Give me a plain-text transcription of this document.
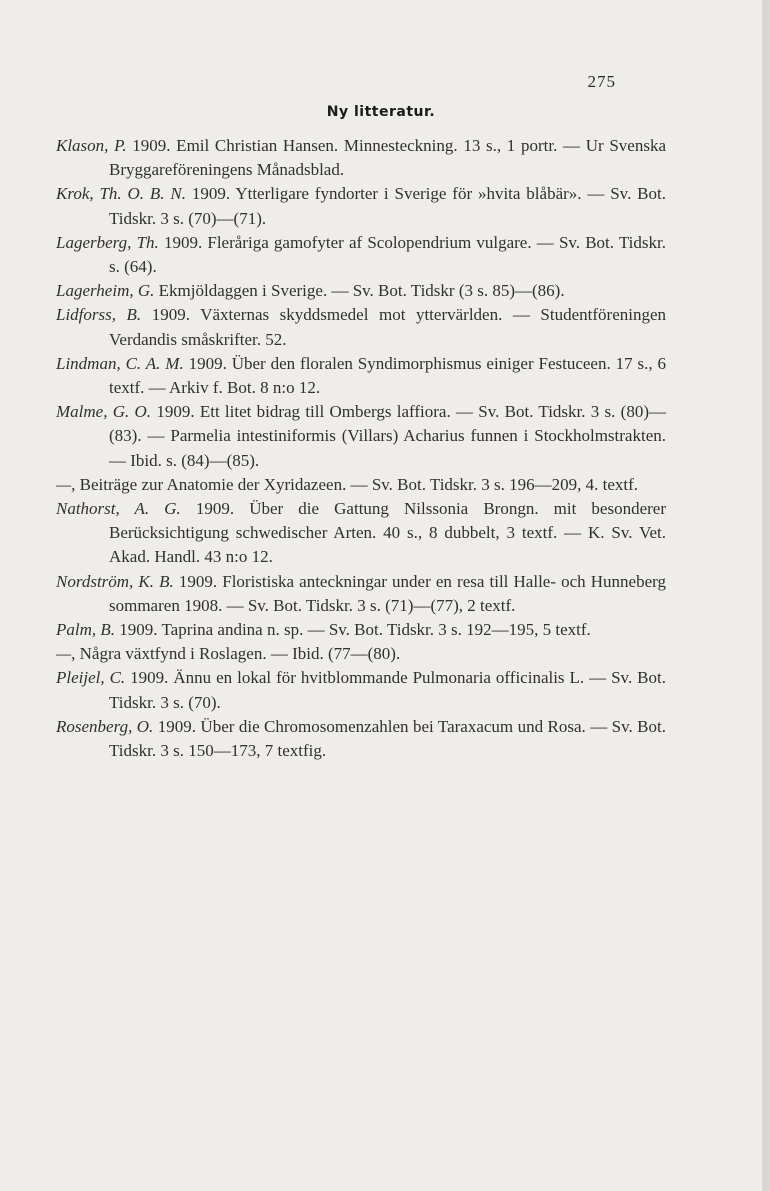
275
Ny litteratur.

Klason, P. 1909. Emil Christian Hansen. Minnesteckning. 13 s., 1 portr. — Ur Svenska Bryggareföreningens Månadsblad.

Krok, Th. O. B. N. 1909. Ytterligare fyndorter i Sverige för »hvita blåbär». — Sv. Bot. Tidskr. 3 s. (70)—(71).

Lagerberg, Th. 1909. Fleråriga gamofyter af Scolopendrium vulgare. — Sv. Bot. Tidskr. s. (64).

Lagerheim, G. Ekmjöldaggen i Sverige. — Sv. Bot. Tidskr (3 s. 85)—(86).

Lidforss, B. 1909. Växternas skyddsmedel mot yttervärlden. — Studentföreningen Verdandis småskrifter. 52.

Lindman, C. A. M. 1909. Über den floralen Syndimorphismus einiger Festuceen. 17 s., 6 textf. — Arkiv f. Bot. 8 n:o 12.

Malme, G. O. 1909. Ett litet bidrag till Ombergs laffiora. — Sv. Bot. Tidskr. 3 s. (80)—(83). — Parmelia intestiniformis (Villars) Acharius funnen i Stockholmstrakten. — Ibid. s. (84)—(85).

—, Beiträge zur Anatomie der Xyridazeen. — Sv. Bot. Tidskr. 3 s. 196—209, 4. textf.

Nathorst, A. G. 1909. Über die Gattung Nilssonia Brongn. mit besonderer Berücksichtigung schwedischer Arten. 40 s., 8 dubbelt, 3 textf. — K. Sv. Vet. Akad. Handl. 43 n:o 12.

Nordström, K. B. 1909. Floristiska anteckningar under en resa till Halle- och Hunneberg sommaren 1908. — Sv. Bot. Tidskr. 3 s. (71)—(77), 2 textf.

Palm, B. 1909. Taprina andina n. sp. — Sv. Bot. Tidskr. 3 s. 192—195, 5 textf.

—, Några växtfynd i Roslagen. — Ibid. (77—(80).

Pleijel, C. 1909. Ännu en lokal för hvitblommande Pulmonaria officinalis L. — Sv. Bot. Tidskr. 3 s. (70).

Rosenberg, O. 1909. Über die Chromosomenzahlen bei Taraxacum und Rosa. — Sv. Bot. Tidskr. 3 s. 150—173, 7 textfig.
